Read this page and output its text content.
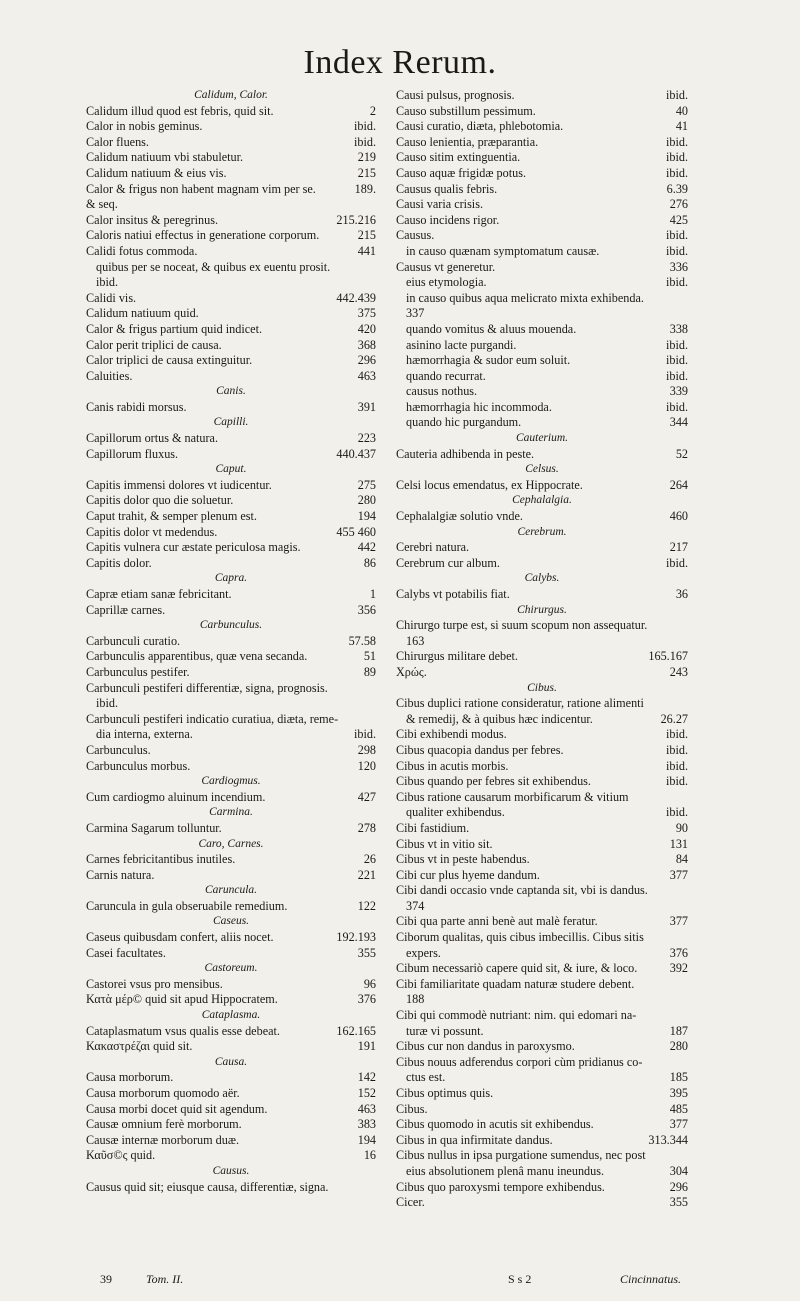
Index Rerum.
Calidum, Calor.
Calidum illud quod est febris, quid sit.	2
Calor in nobis geminus.	ibid.
Calor fluens.	ibid.
Calidum natiuum vbi stabuletur.	219
Calidum natiuum & eius vis.	215
Calor & frigus non habent magnam vim per se.	189.
& seq.
Calor insitus & peregrinus.	215.216
Caloris natiui effectus in generatione corporum.	215
Calidi fotus commoda.	441
quibus per se noceat, & quibus ex euentu prosit.
ibid.
Calidi vis.	442.439
Calidum natiuum quid.	375
Calor & frigus partium quid indicet.	420
Calor perit triplici de causa.	368
Calor triplici de causa extinguitur.	296
Caluities.	463
Canis.
Canis rabidi morsus.	391
Capilli.
Capillorum ortus & natura.	223
Capillorum fluxus.	440.437
Caput.
Capitis immensi dolores vt iudicentur.	275
Capitis dolor quo die soluetur.	280
Caput trahit, & semper plenum est.	194
Capitis dolor vt medendus.	455 460
Capitis vulnera cur æstate periculosa magis.	442
Capitis dolor.	86
Capra.
Capræ etiam sanæ febricitant.	1
Caprillæ carnes.	356
Carbunculus.
Carbunculi curatio.	57.58
Carbunculis apparentibus, quæ vena secanda.	51
Carbunculus pestifer.	89
Carbunculi pestiferi differentiæ, signa, prognosis.
ibid.
Carbunculi pestiferi indicatio curatiua, diæta, reme-
dia interna, externa.	ibid.
Carbunculus.	298
Carbunculus morbus.	120
Cardiogmus.
Cum cardiogmo aluinum incendium.	427
Carmina.
Carmina Sagarum tolluntur.	278
Caro, Carnes.
Carnes febricitantibus inutiles.	26
Carnis natura.	221
Caruncula.
Caruncula in gula obseruabile remedium.	122
Caseus.
Caseus quibusdam confert, aliis nocet.	192.193
Casei facultates.	355
Castoreum.
Castorei vsus pro mensibus.	96
Κατὰ μέρ© quid sit apud Hippocratem.	376
Cataplasma.
Cataplasmatum vsus qualis esse debeat.	162.165
Κακαστρέζαι quid sit.	191
Causa.
Causa morborum.	142
Causa morborum quomodo aër.	152
Causa morbi docet quid sit agendum.	463
Causæ omnium ferè morborum.	383
Causæ internæ morborum duæ.	194
Καῦσ©ς quid.	16
Causus.
Causus quid sit; eiusque causa, differentiæ, signa.
Causi pulsus, prognosis.	ibid.
Causo substillum pessimum.	40
Causi curatio, diæta, phlebotomia.	41
Causo lenientia, præparantia.	ibid.
Causo sitim extinguentia.	ibid.
Causo aquæ frigidæ potus.	ibid.
Causus qualis febris.	6.39
Causi varia crisis.	276
Causo incidens rigor.	425
Causus.	ibid.
in causo quænam symptomatum causæ.	ibid.
Causus vt generetur.	336
eius etymologia.	ibid.
in causo quibus aqua melicrato mixta exhibenda.
337
quando vomitus & aluus mouenda.	338
asinino lacte purgandi.	ibid.
hæmorrhagia & sudor eum soluit.	ibid.
quando recurrat.	ibid.
causus nothus.	339
hæmorrhagia hic incommoda.	ibid.
quando hic purgandum.	344
Cauterium.
Cauteria adhibenda in peste.	52
Celsus.
Celsi locus emendatus, ex Hippocrate.	264
Cephalalgia.
Cephalalgiæ solutio vnde.	460
Cerebrum.
Cerebri natura.	217
Cerebrum cur album.	ibid.
Calybs.
Calybs vt potabilis fiat.	36
Chirurgus.
Chirurgo turpe est, si suum scopum non assequatur.
163
Chirurgus militare debet.	165.167
Χρώς.	243
Cibus.
Cibus duplici ratione consideratur, ratione alimenti
& remedij, & à quibus hæc indicentur.	26.27
Cibi exhibendi modus.	ibid.
Cibus quacopia dandus per febres.	ibid.
Cibus in acutis morbis.	ibid.
Cibus quando per febres sit exhibendus.	ibid.
Cibus ratione causarum morbificarum & vitium
qualiter exhibendus.	ibid.
Cibi fastidium.	90
Cibus vt in vitio sit.	131
Cibus vt in peste habendus.	84
Cibi cur plus hyeme dandum.	377
Cibi dandi occasio vnde captanda sit, vbi is dandus.
374
Cibi qua parte anni benè aut malè feratur.	377
Ciborum qualitas, quis cibus imbecillis. Cibus sitis
expers.	376
Cibum necessariò capere quid sit, & iure, & loco.	392
Cibi familiaritate quadam naturæ studere debent.
188
Cibi qui commodè nutriant: nim. qui edomari na-
turæ vi possunt.	187
Cibus cur non dandus in paroxysmo.	280
Cibus nouus adferendus corpori cùm pridianus co-
ctus est.	185
Cibus optimus quis.	395
Cibus.	485
Cibus quomodo in acutis sit exhibendus.	377
Cibus in qua infirmitate dandus.	313.344
Cibus nullus in ipsa purgatione sumendus, nec post
eius absolutionem plenâ manu ineundus.	304
Cibus quo paroxysmi tempore exhibendus.	296
Cicer.	355
39	Tom. II.	S s 2	Cincinnatus.
